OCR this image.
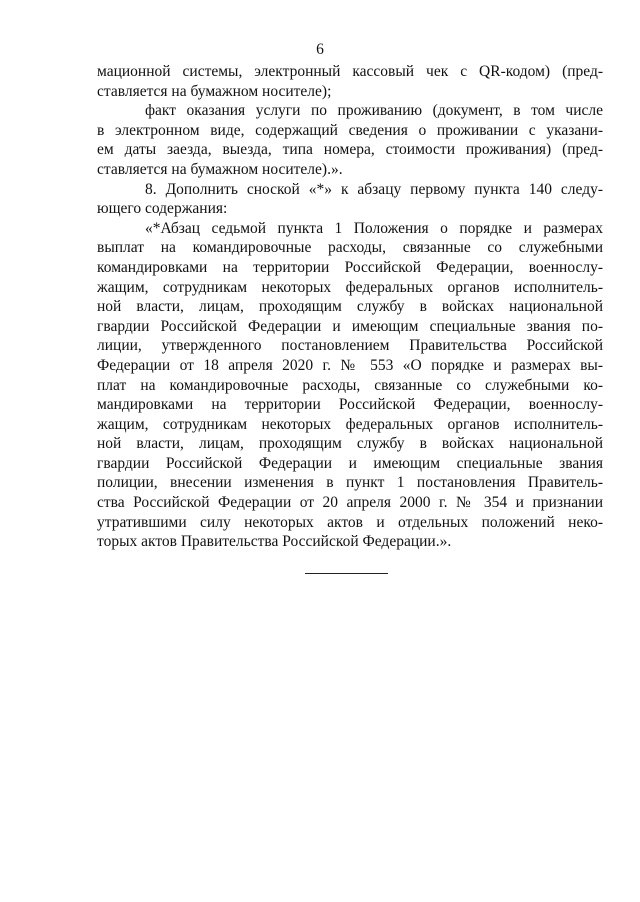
6

мационной системы, электронный кассовый чек с QR-кодом) (пред-
ставляется на бумажном носителе);

факт оказания услуги по проживанию (документ, в том числе
в электронном виде, содержащий сведения о проживании с указани-
ем даты заезда, выезда, типа номера, стоимости проживания) (пред-
ставляется на бумажном носителе).».

8. Дополнить сноской «*» к абзацу первому пункта 140 следу-
ющего содержания:

«*Абзац седьмой пункта 1 Положения о порядке и размерах
выплат на командировочные расходы, связанные со служебными
командировками на территории Российской Федерации, военнослу-
жащим, сотрудникам некоторых федеральных органов исполнитель-
ной власти, лицам, проходящим службу в войсках национальной
гвардии Российской Федерации и имеющим специальные звания по-
лиции, утвержденного постановлением Правительства Российской
Федерации от 18 апреля 2020 г. № 553 «О порядке и размерах вы-
плат на командировочные расходы, связанные со служебными ко-
мандировками на территории Российской Федерации, военнослу-
жащим, сотрудникам некоторых федеральных органов исполнитель-
ной власти, лицам, проходящим службу в войсках национальной
гвардии Российской Федерации и имеющим специальные звания
полиции, внесении изменения в пункт 1 постановления Правитель-
ства Российской Федерации от 20 апреля 2000 г. № 354 и признании
утратившими силу некоторых актов и отдельных положений неко-
торых актов Правительства Российской Федерации.».
